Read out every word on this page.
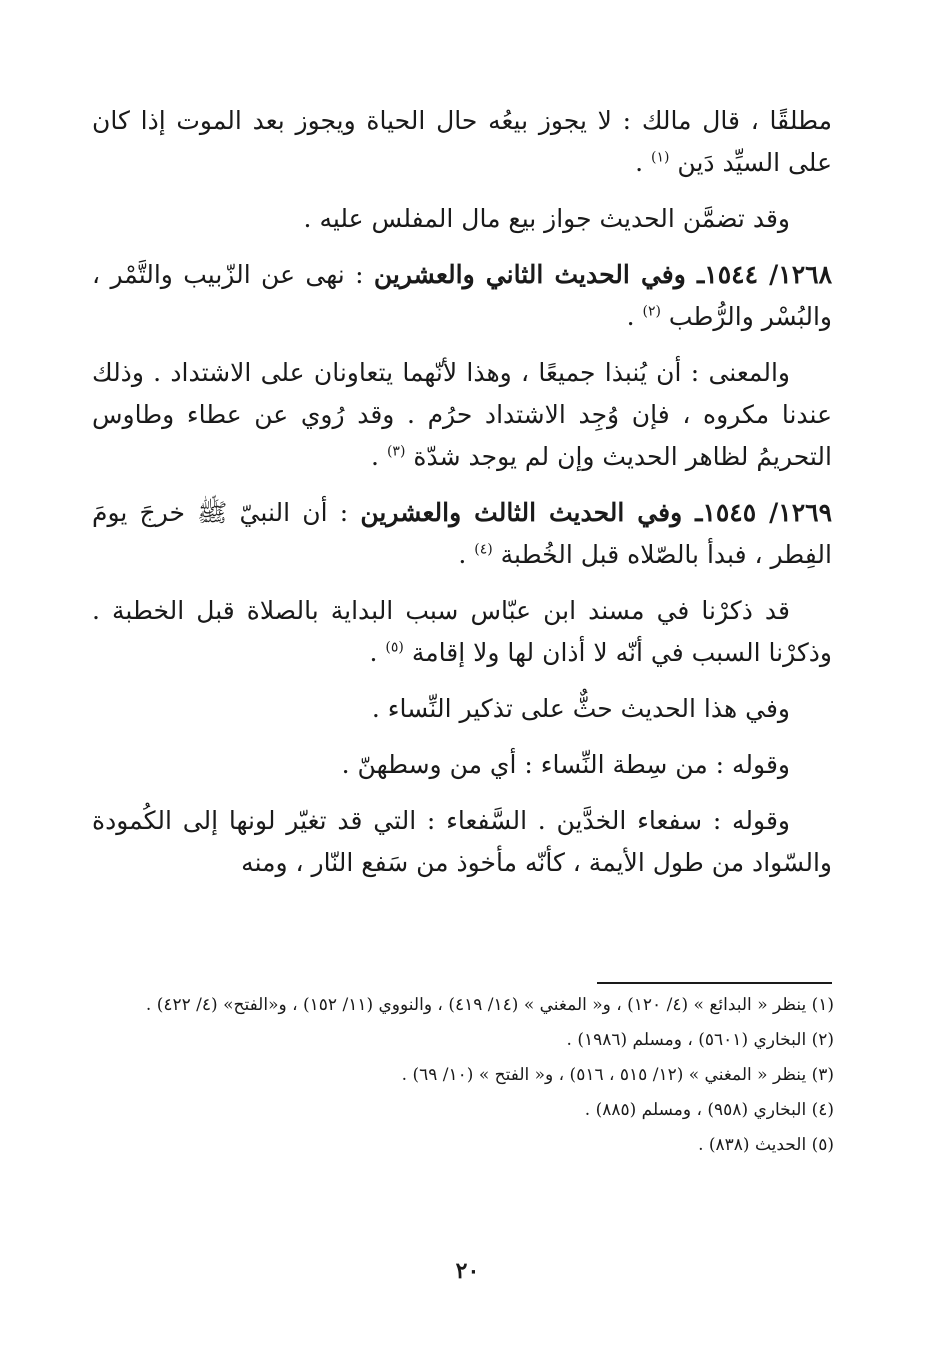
مطلقًا ، قال مالك : لا يجوز بيعُه حال الحياة ويجوز بعد الموت إذا كان على السيِّد دَين $^{(١)}$ .

وقد تضمَّن الحديث جواز بيع مال المفلس عليه .

١٢٦٨/ ١٥٤٤ـ وفي الحديث الثاني والعشرين : نهى عن الزّبيب والتَّمْر ، والبُسْر والرُّطب $^{(٢)}$ .

والمعنى : أن يُنبذا جميعًا ، وهذا لأنّهما يتعاونان على الاشتداد . وذلك عندنا مكروه ، فإن وُجِد الاشتداد حرُم . وقد رُوي عن عطاء وطاوس التحريمُ لظاهر الحديث وإن لم يوجد شدّة $^{(٣)}$ .

١٢٦٩/ ١٥٤٥ـ وفي الحديث الثالث والعشرين : أن النبيّ ﷺ خرجَ يومَ الفِطر ، فبدأ بالصّلاه قبل الخُطبة $^{(٤)}$ .

قد ذكرْنا في مسند ابن عبّاس سبب البداية بالصلاة قبل الخطبة . وذكرْنا السبب في أنّه لا أذان لها ولا إقامة $^{(٥)}$ .

وفي هذا الحديث حثٌّ على تذكير النِّساء .

وقوله : من سِطة النِّساء : أي من وسطهنّ .

وقوله : سفعاء الخدَّين . السَّفعاء : التي قد تغيّر لونها إلى الكُمودة والسّواد من طول الأيمة ، كأنّه مأخوذ من سَفع النّار ، ومنه

(١) ينظر « البدائع » (٤/ ١٢٠) ، و« المغني » (١٤/ ٤١٩) ، والنووي (١١/ ١٥٢) ، و«الفتح» (٤/ ٤٢٢) .

(٢) البخاري (٥٦٠١) ، ومسلم (١٩٨٦) .

(٣) ينظر « المغني » (١٢/ ٥١٥ ، ٥١٦) ، و« الفتح » (١٠/ ٦٩) .

(٤) البخاري (٩٥٨) ، ومسلم (٨٨٥) .

(٥) الحديث (٨٣٨) .

٢٠
